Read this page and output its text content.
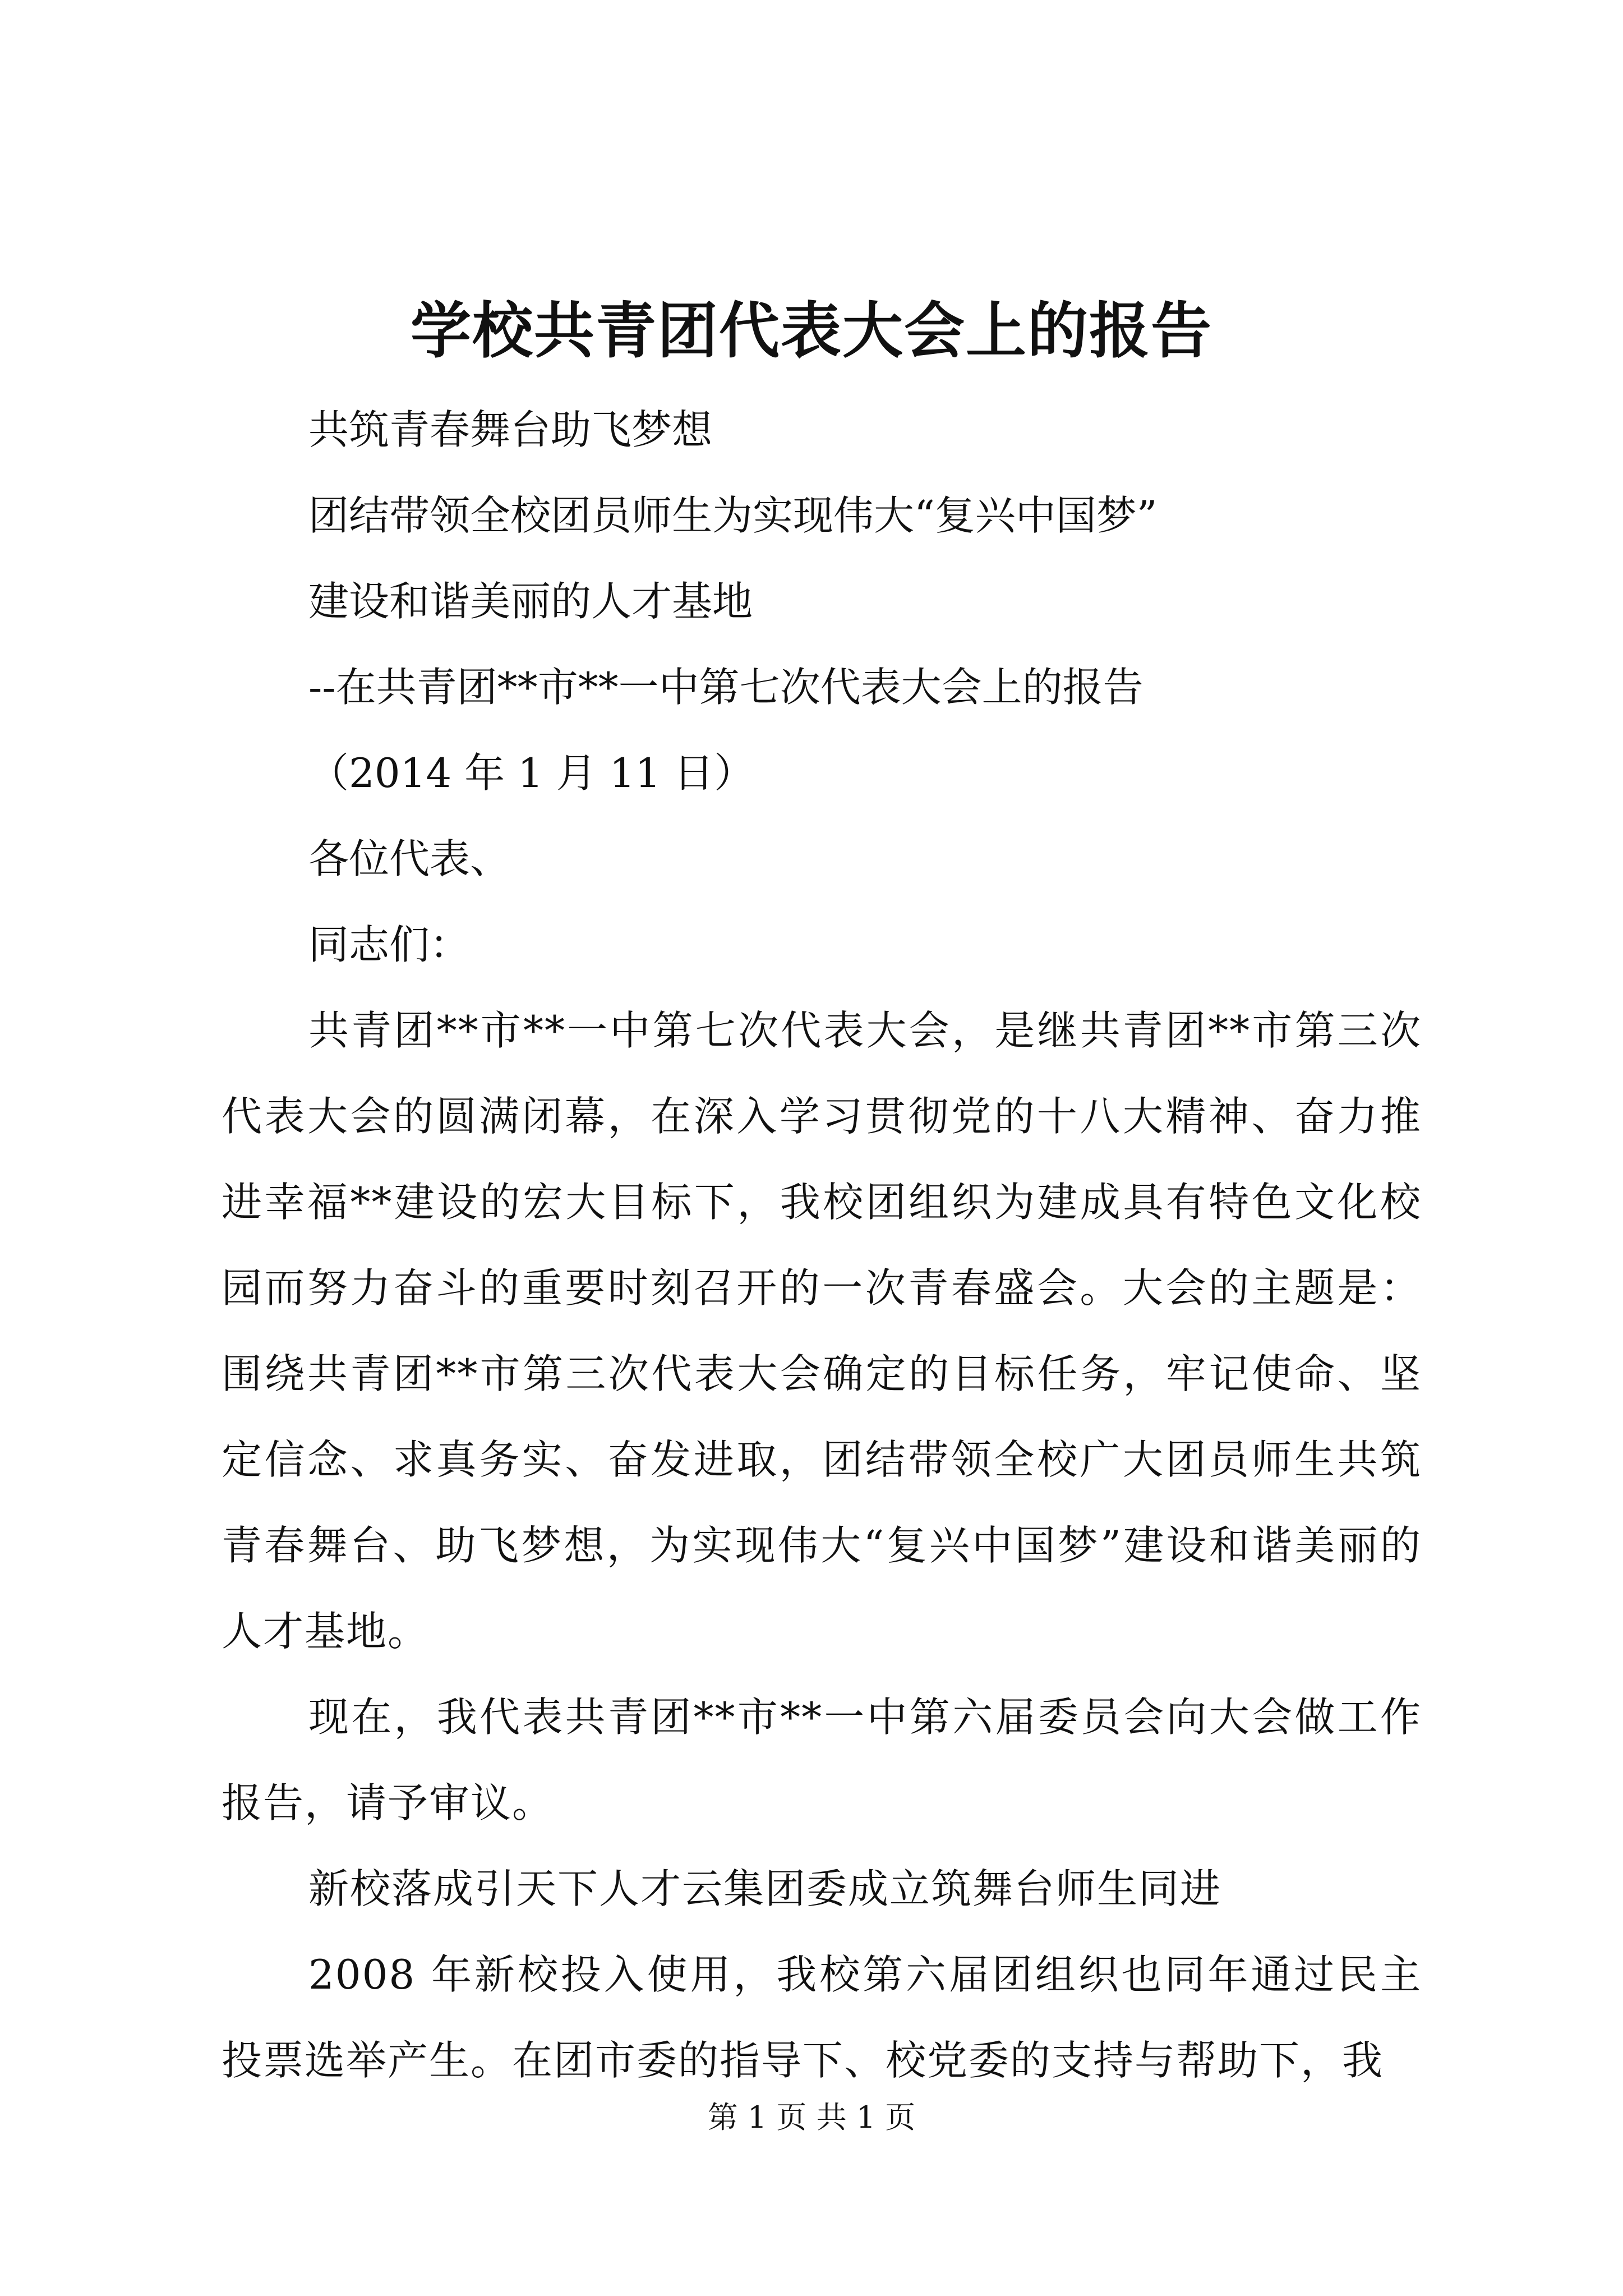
学校共青团代表大会上的报告

共筑青春舞台助飞梦想

团结带领全校团员师生为实现伟大“复兴中国梦”

建设和谐美丽的人才基地

--在共青团**市**一中第七次代表大会上的报告

（2014 年 1 月 11 日）

各位代表、

同志们：

共青团**市**一中第七次代表大会，是继共青团**市第三次代表大会的圆满闭幕，在深入学习贯彻党的十八大精神、奋力推进幸福**建设的宏大目标下，我校团组织为建成具有特色文化校园而努力奋斗的重要时刻召开的一次青春盛会。大会的主题是：围绕共青团**市第三次代表大会确定的目标任务，牢记使命、坚定信念、求真务实、奋发进取，团结带领全校广大团员师生共筑青春舞台、助飞梦想，为实现伟大“复兴中国梦”建设和谐美丽的人才基地。

现在，我代表共青团**市**一中第六届委员会向大会做工作报告，请予审议。

新校落成引天下人才云集团委成立筑舞台师生同进

2008 年新校投入使用，我校第六届团组织也同年通过民主投票选举产生。在团市委的指导下、校党委的支持与帮助下，我

第 1 页 共 1 页
